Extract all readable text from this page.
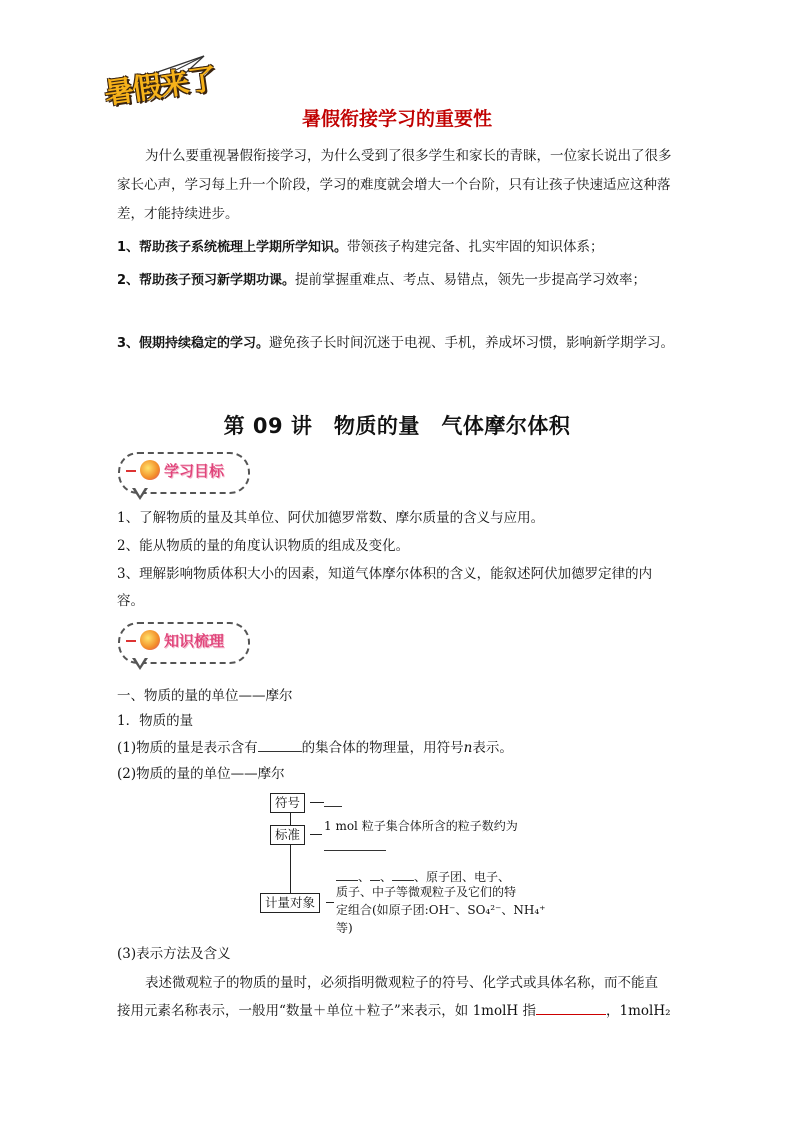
暑假来了
暑假衔接学习的重要性
为什么要重视暑假衔接学习，为什么受到了很多学生和家长的青睐，一位家长说出了很多家长心声，学习每上升一个阶段，学习的难度就会增大一个台阶，只有让孩子快速适应这种落差，才能持续进步。
1、帮助孩子系统梳理上学期所学知识。带领孩子构建完备、扎实牢固的知识体系；
2、帮助孩子预习新学期功课。提前掌握重难点、考点、易错点，领先一步提高学习效率；
3、假期持续稳定的学习。避免孩子长时间沉迷于电视、手机，养成坏习惯，影响新学期学习。
第 09 讲　物质的量　气体摩尔体积
学习目标
1、了解物质的量及其单位、阿伏加德罗常数、摩尔质量的含义与应用。
2、能从物质的量的角度认识物质的组成及变化。
3、理解影响物质体积大小的因素，知道气体摩尔体积的含义，能叙述阿伏加德罗定律的内
容。
知识梳理
一、物质的量的单位——摩尔
1．物质的量
(1)物质的量是表示含有	的集合体的物理量，用符号n表示。
(2)物质的量的单位——摩尔
符号
标准
计量对象
1 mol 粒子集合体所含的粒子数约为
、 、 、原子团、电子、
质子、中子等微观粒子及它们的特
定组合(如原子团:OH⁻、SO₄²⁻、NH₄⁺
等)
(3)表示方法及含义
表述微观粒子的物质的量时，必须指明微观粒子的符号、化学式或具体名称，而不能直
接用元素名称表示，一般用“数量＋单位＋粒子”来表示，如 1molH 指	，1molH₂
